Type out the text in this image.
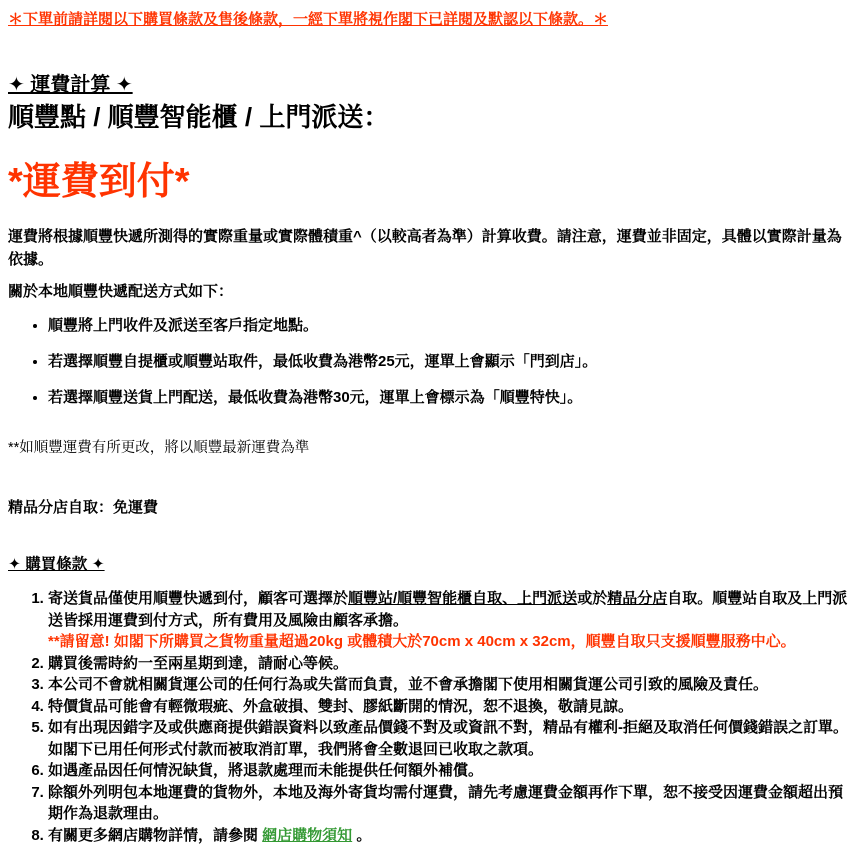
＊下單前請詳閱以下購買條款及售後條款，一經下單將視作閣下已詳閱及默認以下條款。＊

✦ 運費計算 ✦
順豐點 / 順豐智能櫃 / 上門派送：
*運費到付*

運費將根據順豐快遞所測得的實際重量或實際體積重^（以較高者為準）計算收費。請注意，運費並非固定，具體以實際計量為依據。

關於本地順豐快遞配送方式如下：

• 順豐將上門收件及派送至客戶指定地點。
• 若選擇順豐自提櫃或順豐站取件，最低收費為港幣25元，運單上會顯示「門到店」。
• 若選擇順豐送貨上門配送，最低收費為港幣30元，運單上會標示為「順豐特快」。

**如順豐運費有所更改，將以順豐最新運費為準

精品分店自取：免運費

✦ 購買條款 ✦
1. 寄送貨品僅使用順豐快遞到付，顧客可選擇於順豐站/順豐智能櫃自取、上門派送或於精品分店自取。順豐站自取及上門派送皆採用運費到付方式，所有費用及風險由顧客承擔。
**請留意! 如閣下所購買之貨物重量超過20kg 或體積大於70cm x 40cm x 32cm，順豐自取只支援順豐服務中心。
2. 購買後需時約一至兩星期到達，請耐心等候。
3. 本公司不會就相關貨運公司的任何行為或失當而負責，並不會承擔閣下使用相關貨運公司引致的風險及責任。
4. 特價貨品可能會有輕微瑕疵、外盒破損、雙封、膠紙斷開的情況，恕不退換，敬請見諒。
5. 如有出現因錯字及或供應商提供錯誤資料以致產品價錢不對及或資訊不對，精品有權利-拒絕及取消任何價錢錯誤之訂單。如閣下已用任何形式付款而被取消訂單，我們將會全數退回已收取之款項。
6. 如遇產品因任何情況缺貨，將退款處理而未能提供任何額外補償。
7. 除額外列明包本地運費的貨物外，本地及海外寄貨均需付運費，請先考慮運費金額再作下單，恕不接受因運費金額超出預期作為退款理由。
8. 有關更多網店購物詳情，請參閱 網店購物須知 。
